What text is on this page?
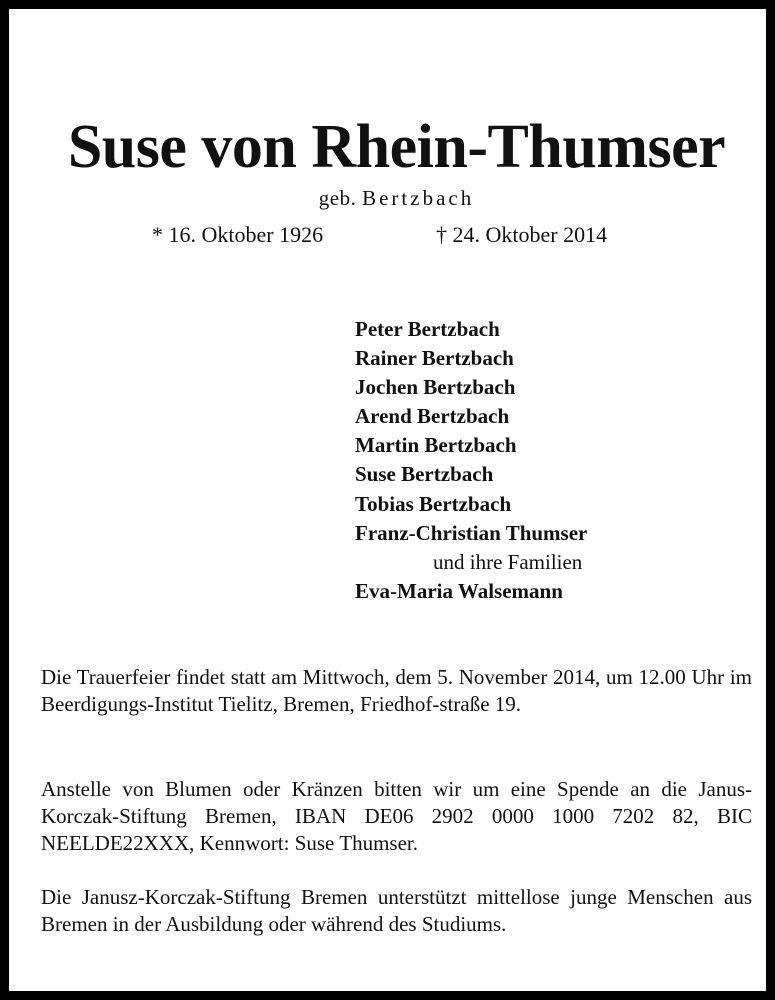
Suse von Rhein-Thumser

geb. Bertzbach

* 16. Oktober 1926	† 24. Oktober 2014

Peter Bertzbach
Rainer Bertzbach
Jochen Bertzbach
Arend Bertzbach
Martin Bertzbach
Suse Bertzbach
Tobias Bertzbach
Franz-Christian Thumser
und ihre Familien
Eva-Maria Walsemann

Die Trauerfeier findet statt am Mittwoch, dem 5. November 2014, um 12.00 Uhr im Beerdigungs-Institut Tielitz, Bremen, Friedhof-straße 19.

Anstelle von Blumen oder Kränzen bitten wir um eine Spende an die Janus-Korczak-Stiftung Bremen, IBAN DE06 2902 0000 1000 7202 82, BIC NEELDE22XXX, Kennwort: Suse Thumser.

Die Janusz-Korczak-Stiftung Bremen unterstützt mittellose junge Menschen aus Bremen in der Ausbildung oder während des Studiums.
